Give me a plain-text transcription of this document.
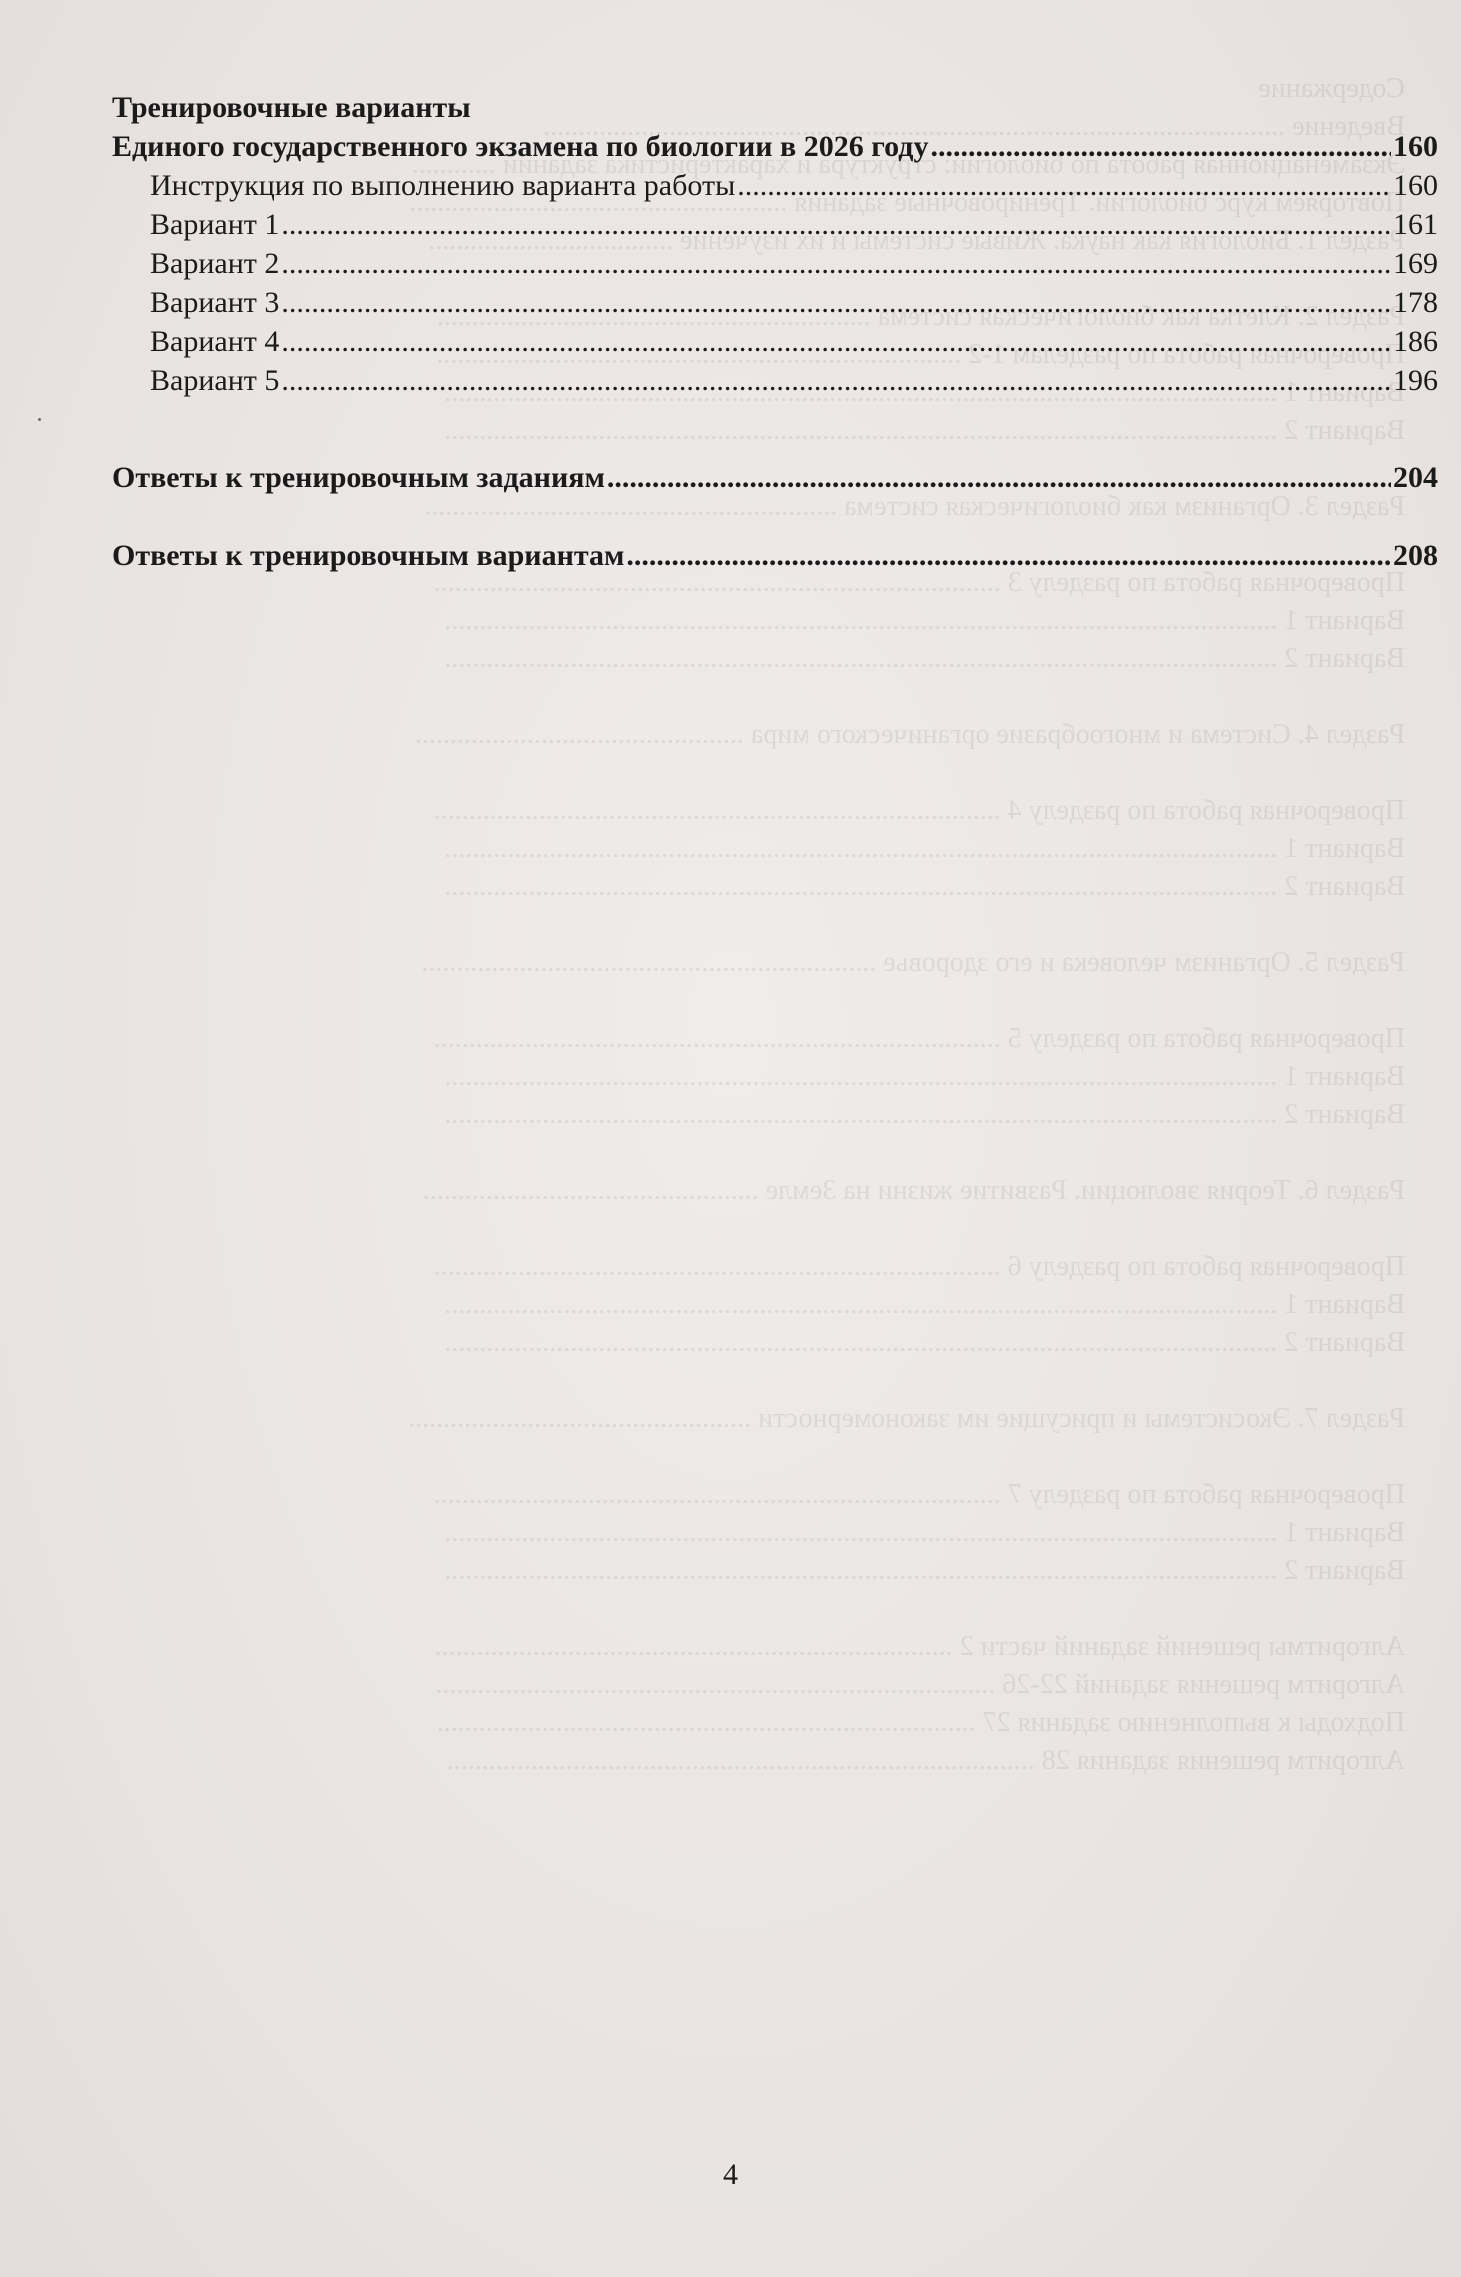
Содержание
Введение ..........................................................................................................
Экзаменационная работа по биологии: структура и характеристика заданий ............
Повторяем курс биологии. Тренировочные задания ......................................................
Раздел 1. Биология как наука. Живые системы и их изучение ...................................

Раздел 2. Клетка как биологическая система ..............................................................
Проверочная работа по разделам 1-2 ...........................................................................
Вариант 1 .......................................................................................................................
Вариант 2 .......................................................................................................................

Раздел 3. Организм как биологическая система ...........................................................

Проверочная работа по разделу 3 .................................................................................
Вариант 1 .......................................................................................................................
Вариант 2 .......................................................................................................................

Раздел 4. Система и многообразие органического мира ...............................................

Проверочная работа по разделу 4 .................................................................................
Вариант 1 .......................................................................................................................
Вариант 2 .......................................................................................................................

Раздел 5. Организм человека и его здоровье .................................................................

Проверочная работа по разделу 5 .................................................................................
Вариант 1 .......................................................................................................................
Вариант 2 .......................................................................................................................

Раздел 6. Теория эволюции. Развитие жизни на Земле ................................................

Проверочная работа по разделу 6 .................................................................................
Вариант 1 .......................................................................................................................
Вариант 2 .......................................................................................................................

Раздел 7. Экосистемы и присущие им закономерности .................................................

Проверочная работа по разделу 7 .................................................................................
Вариант 1 .......................................................................................................................
Вариант 2 .......................................................................................................................

Алгоритмы решений заданий части 2 ..........................................................................
Алгоритм решения заданий 22-26 ................................................................................
Подходы к выполнению задания 27 .............................................................................
Алгоритм решения задания 28 ....................................................................................
Тренировочные варианты
Единого государственного экзамена по биологии в 2026 году .....	160
Инструкция по выполнению варианта работы .....	160
Вариант 1 .....	161
Вариант 2 .....	169
Вариант 3 .....	178
Вариант 4 .....	186
Вариант 5 .....	196
Ответы к тренировочным заданиям .....	204
Ответы к тренировочным вариантам .....	208
4
